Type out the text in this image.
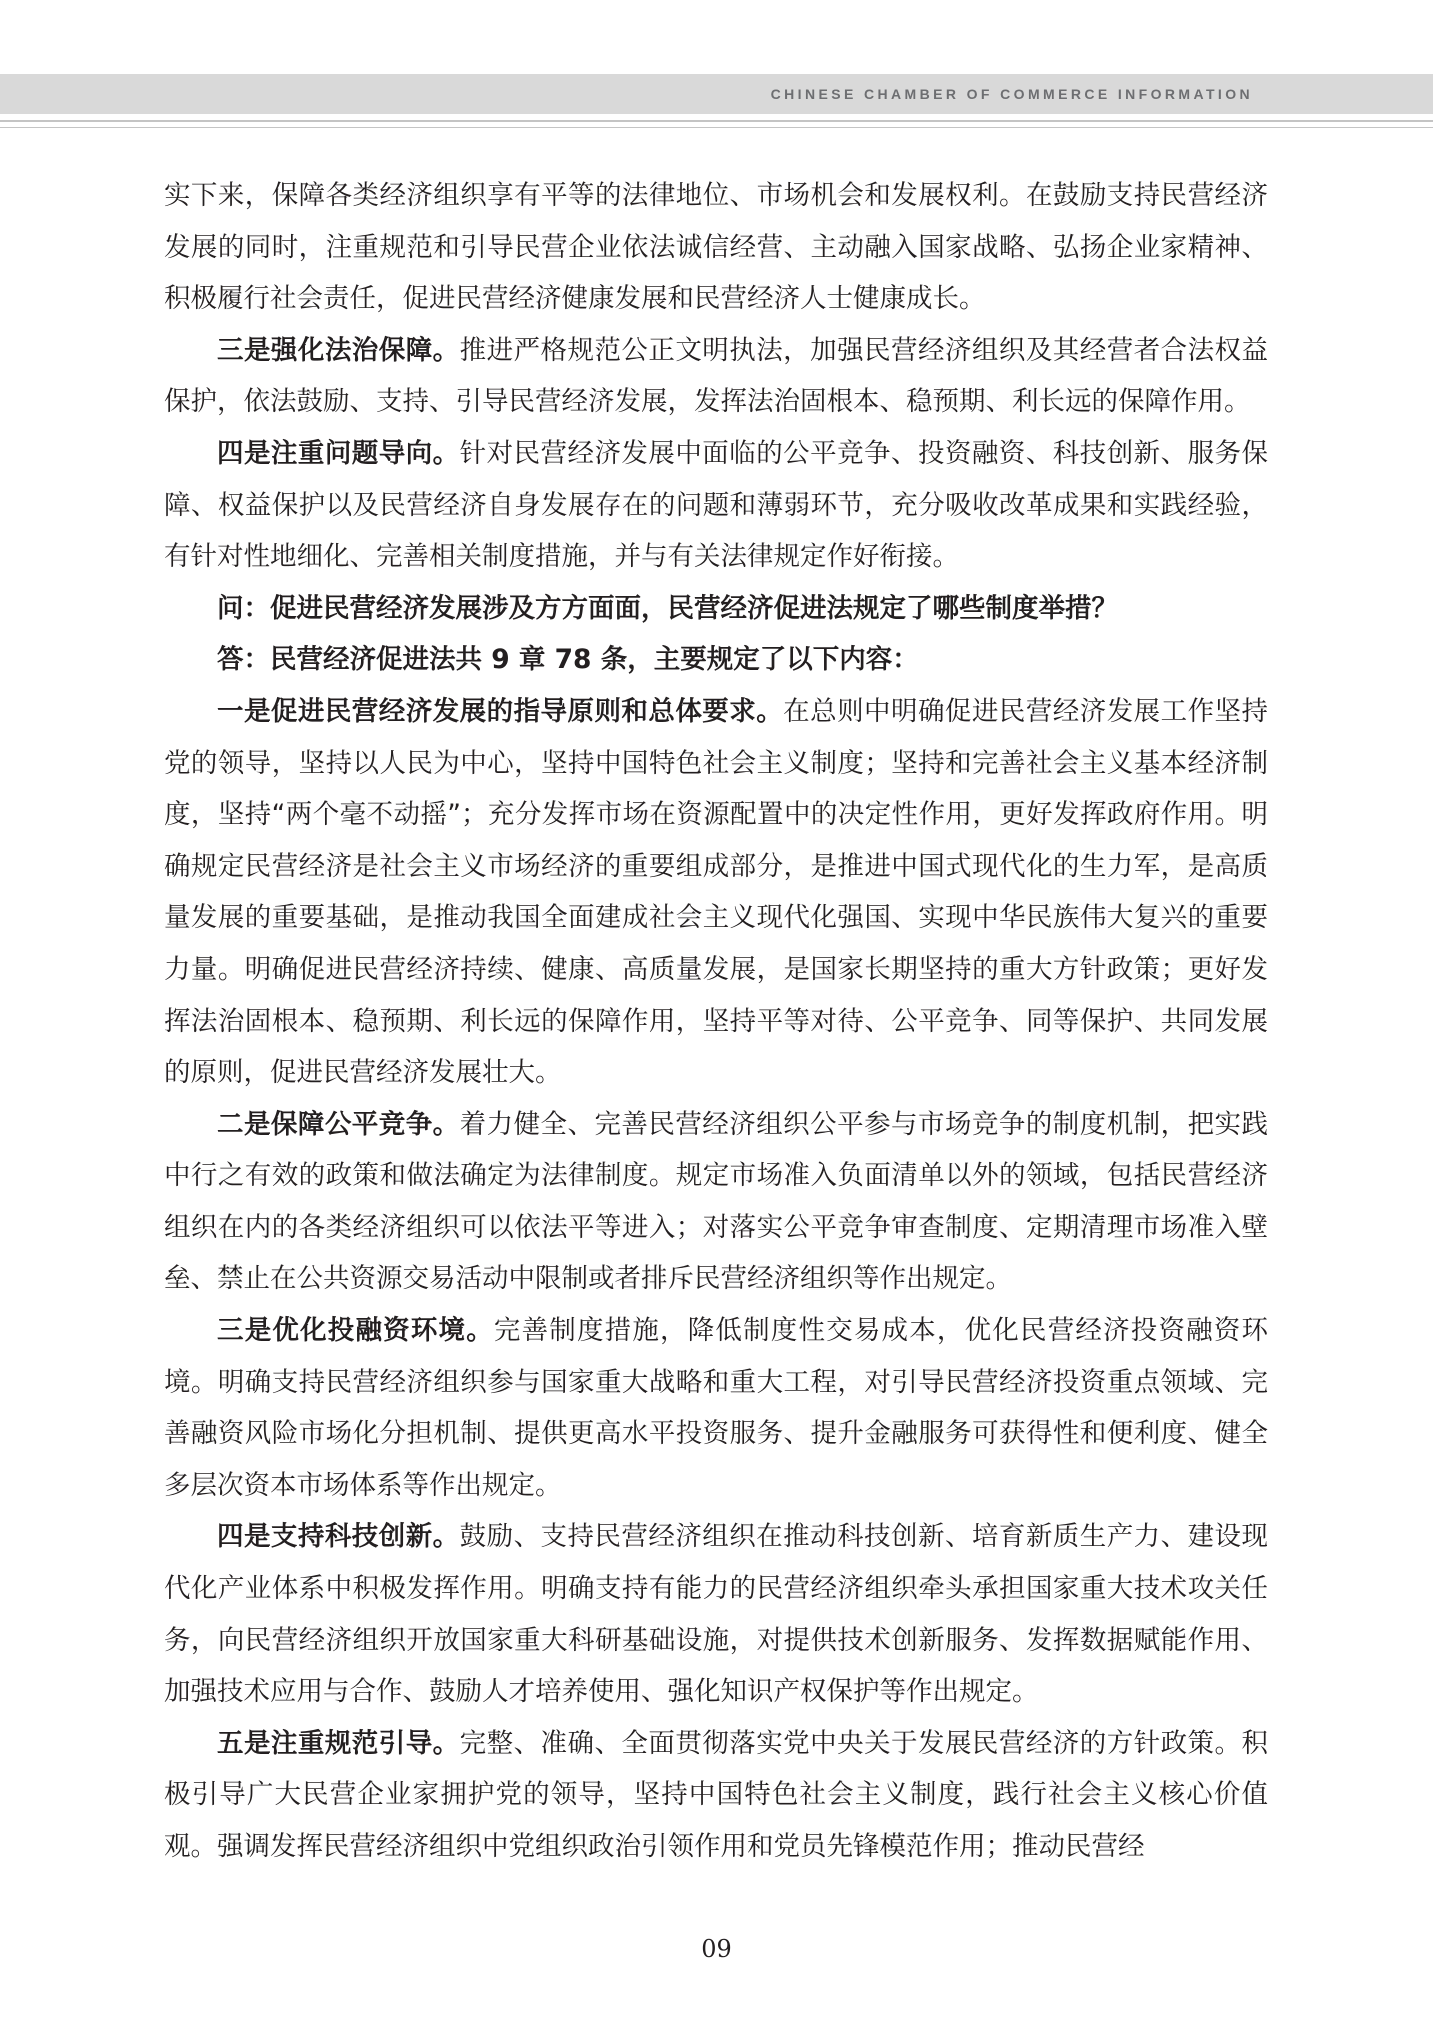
CHINESE CHAMBER OF COMMERCE INFORMATION

实下来，保障各类经济组织享有平等的法律地位、市场机会和发展权利。在鼓励支持民营经济发展的同时，注重规范和引导民营企业依法诚信经营、主动融入国家战略、弘扬企业家精神、积极履行社会责任，促进民营经济健康发展和民营经济人士健康成长。

三是强化法治保障。推进严格规范公正文明执法，加强民营经济组织及其经营者合法权益保护，依法鼓励、支持、引导民营经济发展，发挥法治固根本、稳预期、利长远的保障作用。

四是注重问题导向。针对民营经济发展中面临的公平竞争、投资融资、科技创新、服务保障、权益保护以及民营经济自身发展存在的问题和薄弱环节，充分吸收改革成果和实践经验，有针对性地细化、完善相关制度措施，并与有关法律规定作好衔接。

问：促进民营经济发展涉及方方面面，民营经济促进法规定了哪些制度举措？

答：民营经济促进法共 9 章 78 条，主要规定了以下内容：

一是促进民营经济发展的指导原则和总体要求。在总则中明确促进民营经济发展工作坚持党的领导，坚持以人民为中心，坚持中国特色社会主义制度；坚持和完善社会主义基本经济制度，坚持“两个毫不动摇”；充分发挥市场在资源配置中的决定性作用，更好发挥政府作用。明确规定民营经济是社会主义市场经济的重要组成部分，是推进中国式现代化的生力军，是高质量发展的重要基础，是推动我国全面建成社会主义现代化强国、实现中华民族伟大复兴的重要力量。明确促进民营经济持续、健康、高质量发展，是国家长期坚持的重大方针政策；更好发挥法治固根本、稳预期、利长远的保障作用，坚持平等对待、公平竞争、同等保护、共同发展的原则，促进民营经济发展壮大。

二是保障公平竞争。着力健全、完善民营经济组织公平参与市场竞争的制度机制，把实践中行之有效的政策和做法确定为法律制度。规定市场准入负面清单以外的领域，包括民营经济组织在内的各类经济组织可以依法平等进入；对落实公平竞争审查制度、定期清理市场准入壁垒、禁止在公共资源交易活动中限制或者排斥民营经济组织等作出规定。

三是优化投融资环境。完善制度措施，降低制度性交易成本，优化民营经济投资融资环境。明确支持民营经济组织参与国家重大战略和重大工程，对引导民营经济投资重点领域、完善融资风险市场化分担机制、提供更高水平投资服务、提升金融服务可获得性和便利度、健全多层次资本市场体系等作出规定。

四是支持科技创新。鼓励、支持民营经济组织在推动科技创新、培育新质生产力、建设现代化产业体系中积极发挥作用。明确支持有能力的民营经济组织牵头承担国家重大技术攻关任务，向民营经济组织开放国家重大科研基础设施，对提供技术创新服务、发挥数据赋能作用、加强技术应用与合作、鼓励人才培养使用、强化知识产权保护等作出规定。

五是注重规范引导。完整、准确、全面贯彻落实党中央关于发展民营经济的方针政策。积极引导广大民营企业家拥护党的领导，坚持中国特色社会主义制度，践行社会主义核心价值观。强调发挥民营经济组织中党组织政治引领作用和党员先锋模范作用；推动民营经

09
